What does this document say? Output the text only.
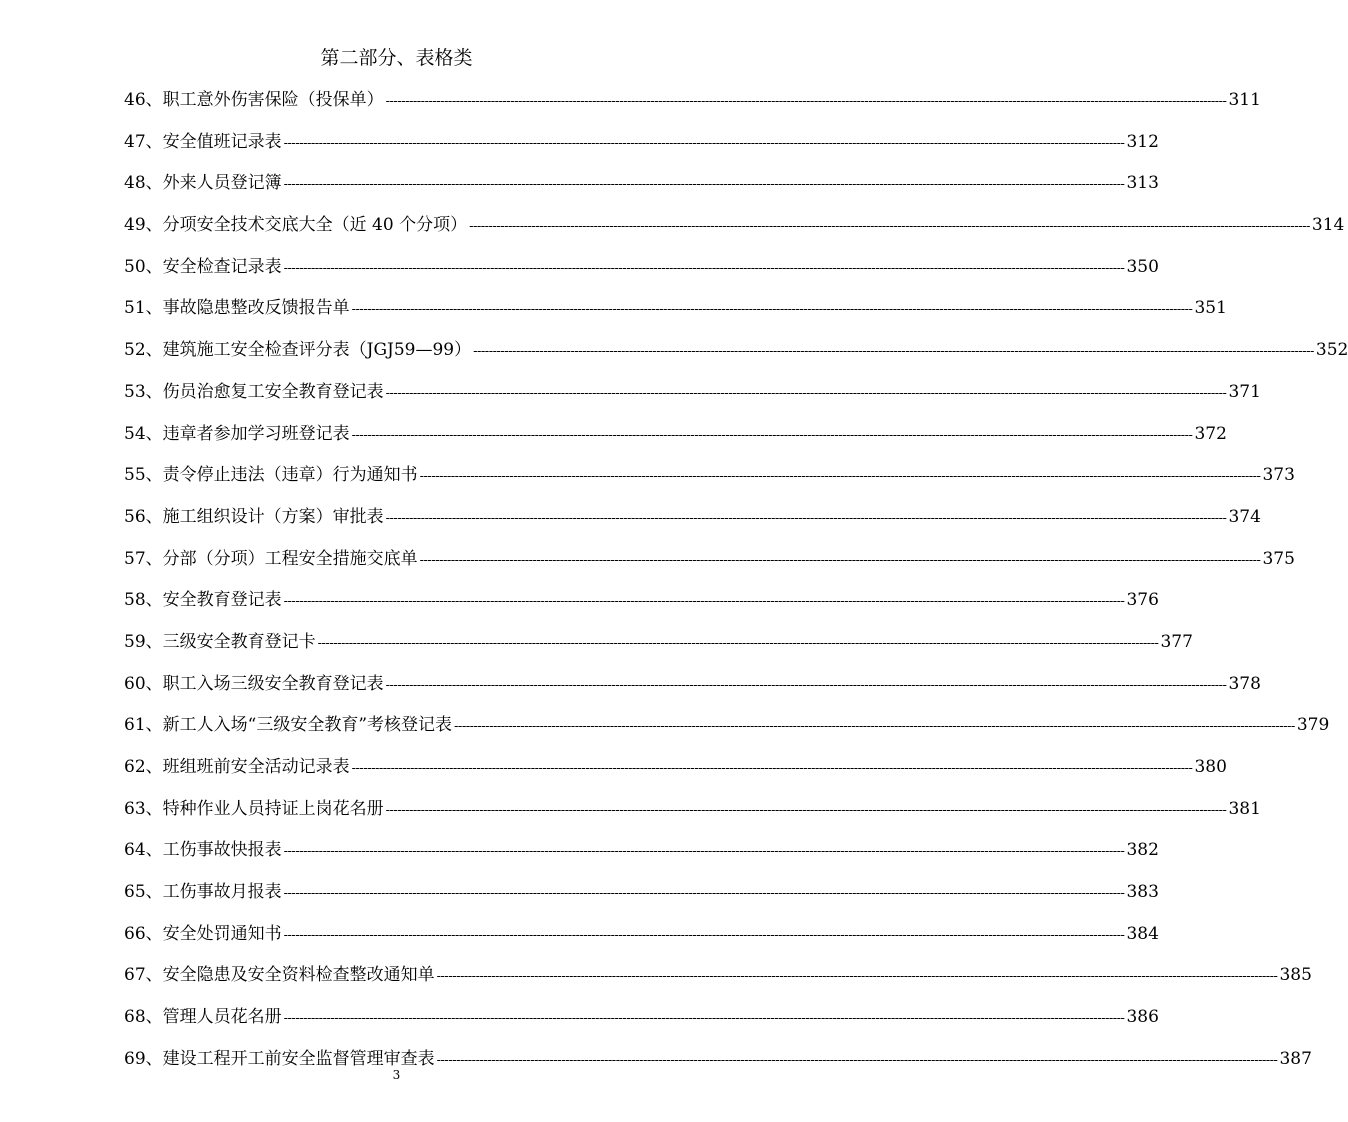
第二部分、表格类
46、 职工意外伤害保险（投保单） -----	311
47、 安全值班记录表 -----	312
48、 外来人员登记簿 -----	313
49、 分项安全技术交底大全（近 40 个分项） -----	314
50、 安全检查记录表 -----	350
51、 事故隐患整改反馈报告单 -----	351
52、 建筑施工安全检查评分表（JGJ59—99） -----	352
53、 伤员治愈复工安全教育登记表 -----	371
54、 违章者参加学习班登记表 -----	372
55、 责令停止违法（违章）行为通知书 -----	373
56、 施工组织设计（方案）审批表 -----	374
57、 分部（分项）工程安全措施交底单 -----	375
58、 安全教育登记表 -----	376
59、 三级安全教育登记卡 -----	377
60、 职工入场三级安全教育登记表 -----	378
61、 新工人入场“三级安全教育”考核登记表 -----	379
62、 班组班前安全活动记录表 -----	380
63、 特种作业人员持证上岗花名册 -----	381
64、 工伤事故快报表 -----	382
65、 工伤事故月报表 -----	383
66、 安全处罚通知书 -----	384
67、 安全隐患及安全资料检查整改通知单 -----	385
68、 管理人员花名册 -----	386
69、 建设工程开工前安全监督管理审查表 -----	387
3
